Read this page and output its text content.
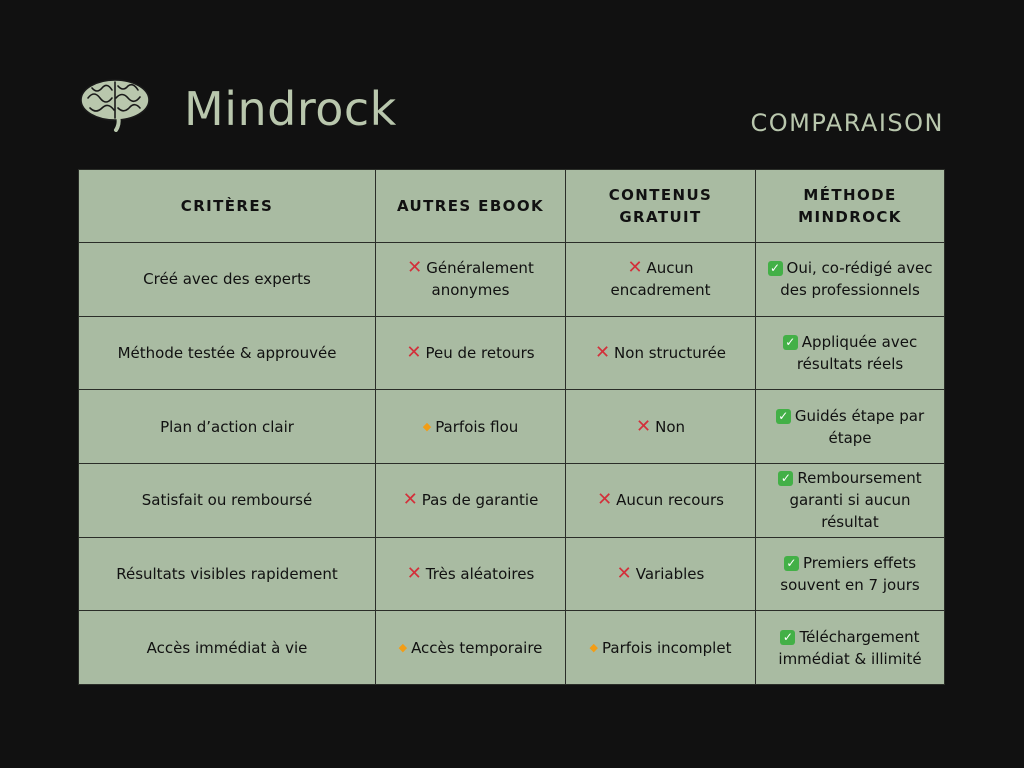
Mindrock	COMPARAISON
CRITÈRES	AUTRES EBOOK	CONTENUS GRATUIT	MÉTHODE MINDROCK
Créé avec des experts	✕ Généralement anonymes	✕ Aucun encadrement	✓ Oui, co-rédigé avec des professionnels
Méthode testée & approuvée	✕ Peu de retours	✕ Non structurée	✓ Appliquée avec résultats réels
Plan d’action clair	◆ Parfois flou	✕ Non	✓ Guidés étape par étape
Satisfait ou remboursé	✕ Pas de garantie	✕ Aucun recours	✓ Remboursement garanti si aucun résultat
Résultats visibles rapidement	✕ Très aléatoires	✕ Variables	✓ Premiers effets souvent en 7 jours
Accès immédiat à vie	◆ Accès temporaire	◆ Parfois incomplet	✓ Téléchargement immédiat & illimité
